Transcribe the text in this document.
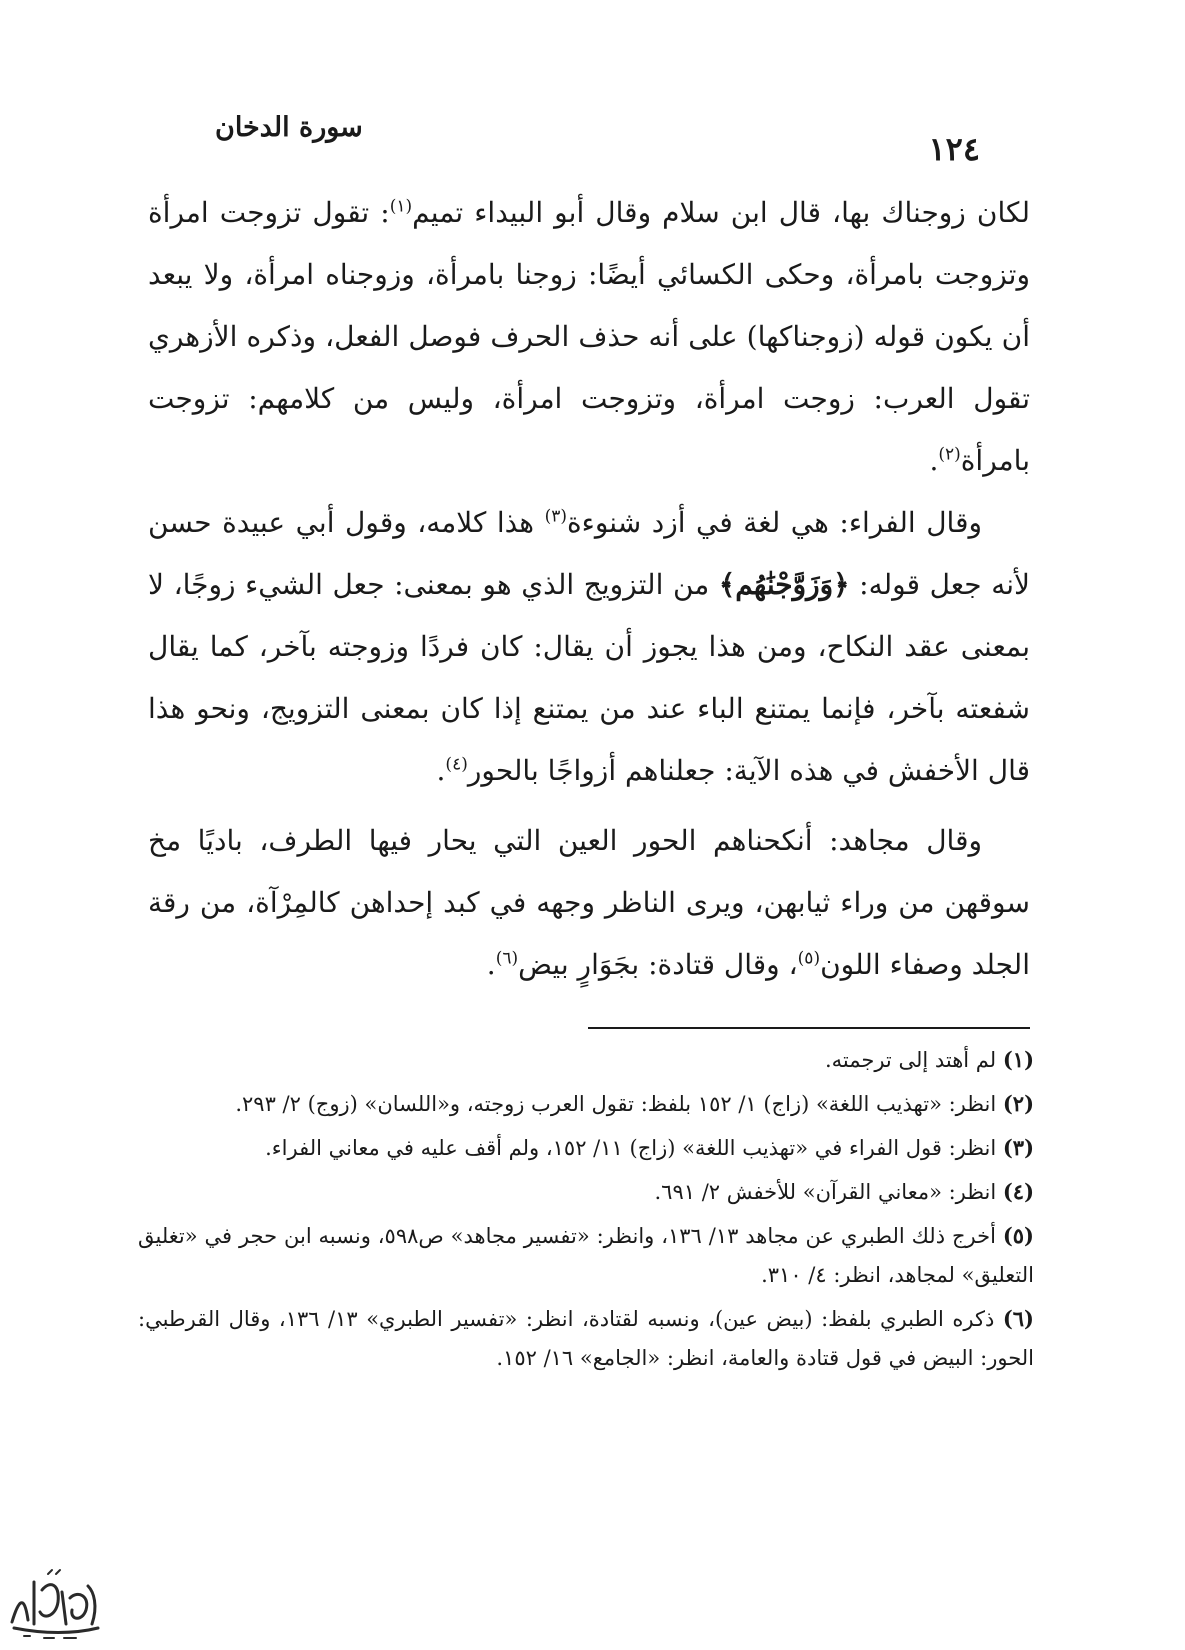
١٢٤
سورة الدخان

لكان زوجناك بها، قال ابن سلام وقال أبو البيداء تميم$^{(١)}$: تقول تزوجت امرأة وتزوجت بامرأة، وحكى الكسائي أيضًا: زوجنا بامرأة، وزوجناه امرأة، ولا يبعد أن يكون قوله (زوجناكها) على أنه حذف الحرف فوصل الفعل، وذكره الأزهري تقول العرب: زوجت امرأة، وتزوجت امرأة، وليس من كلامهم: تزوجت بامرأة$^{(٢)}$.

وقال الفراء: هي لغة في أزد شنوءة$^{(٣)}$ هذا كلامه، وقول أبي عبيدة حسن لأنه جعل قوله: ﴿وَزَوَّجْنَٰهُم﴾ من التزويج الذي هو بمعنى: جعل الشيء زوجًا، لا بمعنى عقد النكاح، ومن هذا يجوز أن يقال: كان فردًا وزوجته بآخر، كما يقال شفعته بآخر، فإنما يمتنع الباء عند من يمتنع إذا كان بمعنى التزويج، ونحو هذا قال الأخفش في هذه الآية: جعلناهم أزواجًا بالحور$^{(٤)}$.

وقال مجاهد: أنكحناهم الحور العين التي يحار فيها الطرف، باديًا مخ سوقهن من وراء ثيابهن، ويرى الناظر وجهه في كبد إحداهن كالمِرْآة، من رقة الجلد وصفاء اللون$^{(٥)}$، وقال قتادة: بجَوَارٍ بيض$^{(٦)}$.

(١) لم أهتد إلى ترجمته.

(٢) انظر: «تهذيب اللغة» (زاج) ١/ ١٥٢ بلفظ: تقول العرب زوجته، و«اللسان» (زوج) ٢/ ٢٩٣.

(٣) انظر: قول الفراء في «تهذيب اللغة» (زاج) ١١/ ١٥٢، ولم أقف عليه في معاني الفراء.

(٤) انظر: «معاني القرآن» للأخفش ٢/ ٦٩١.

(٥) أخرج ذلك الطبري عن مجاهد ١٣/ ١٣٦، وانظر: «تفسير مجاهد» ص٥٩٨، ونسبه ابن حجر في «تغليق التعليق» لمجاهد، انظر: ٤/ ٣١٠.

(٦) ذكره الطبري بلفظ: (بيض عين)، ونسبه لقتادة، انظر: «تفسير الطبري» ١٣/ ١٣٦، وقال القرطبي: الحور: البيض في قول قتادة والعامة، انظر: «الجامع» ١٦/ ١٥٢.
